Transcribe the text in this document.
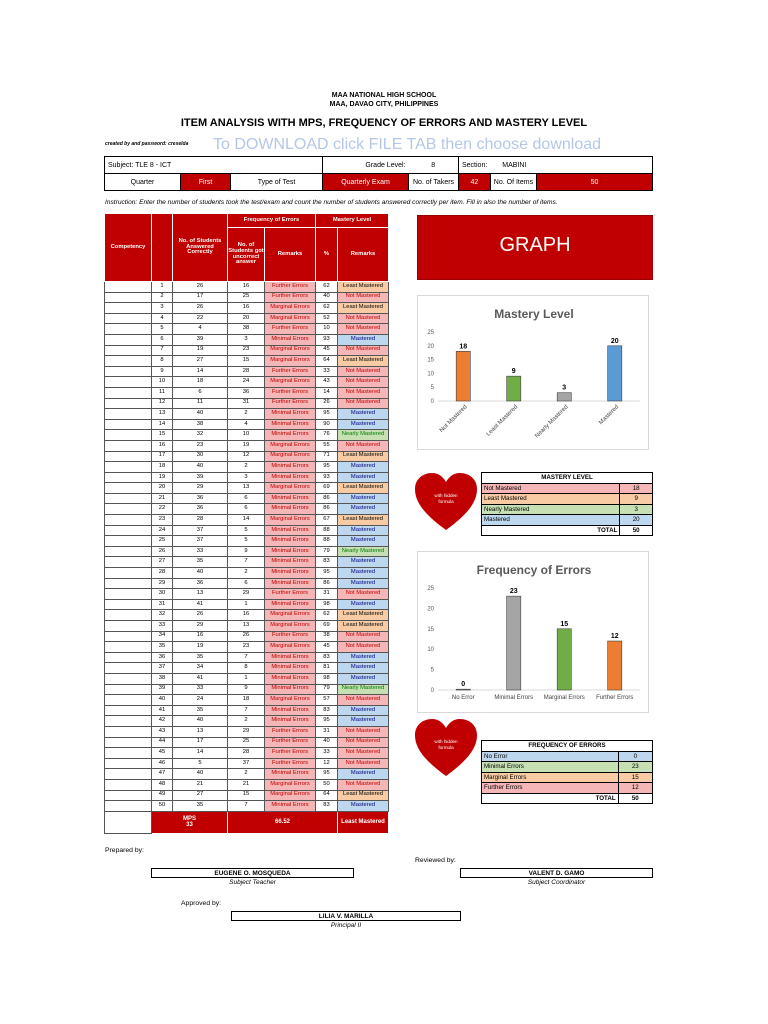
MAA NATIONAL HIGH SCHOOL
MAA, DAVAO CITY, PHILIPPINES
ITEM ANALYSIS WITH MPS, FREQUENCY OF ERRORS AND MASTERY LEVEL
created by and password: creselda To DOWNLOAD click FILE TAB then choose download
Subject: TLE 8 - ICT			Grade Level:	8	Section:	MABINI	
Quarter	First	Type of Test	Quarterly Exam	No. of Takers	42	No. Of Items	50
Instruction: Enter the number of students took the test/exam and count the number of students answered correctly per item. Fill in also the number of items.
Competency		No. of Students Answered Correctly	Frequency of Errors		Mastery Level	
			No. of Students got uncorrect answer	Remarks	%	Remarks
	1	26	16	Further Errors	62	Least Mastered
	2	17	25	Further Errors	40	Not Mastered
	3	26	16	Marginal Errors	62	Least Mastered
	4	22	20	Marginal Errors	52	Not Mastered
	5	4	38	Further Errors	10	Not Mastered
	6	39	3	Minimal Errors	93	Mastered
	7	19	23	Marginal Errors	45	Not Mastered
	8	27	15	Marginal Errors	64	Least Mastered
	9	14	28	Further Errors	33	Not Mastered
	10	18	24	Marginal Errors	43	Not Mastered
	11	6	36	Further Errors	14	Not Mastered
	12	11	31	Further Errors	26	Not Mastered
	13	40	2	Minimal Errors	95	Mastered
	14	38	4	Minimal Errors	90	Mastered
	15	32	10	Minimal Errors	76	Nearly Mastered
	16	23	19	Marginal Errors	55	Not Mastered
	17	30	12	Marginal Errors	71	Least Mastered
	18	40	2	Minimal Errors	95	Mastered
	19	39	3	Minimal Errors	93	Mastered
	20	29	13	Marginal Errors	69	Least Mastered
	21	36	6	Minimal Errors	86	Mastered
	22	36	6	Minimal Errors	86	Mastered
	23	28	14	Marginal Errors	67	Least Mastered
	24	37	5	Minimal Errors	88	Mastered
	25	37	5	Minimal Errors	88	Mastered
	26	33	9	Minimal Errors	79	Nearly Mastered
	27	35	7	Minimal Errors	83	Mastered
	28	40	2	Minimal Errors	95	Mastered
	29	36	6	Minimal Errors	86	Mastered
	30	13	29	Further Errors	31	Not Mastered
	31	41	1	Minimal Errors	98	Mastered
	32	26	16	Marginal Errors	62	Least Mastered
	33	29	13	Marginal Errors	69	Least Mastered
	34	16	26	Further Errors	38	Not Mastered
	35	19	23	Marginal Errors	45	Not Mastered
	36	35	7	Minimal Errors	83	Mastered
	37	34	8	Minimal Errors	81	Mastered
	38	41	1	Minimal Errors	98	Mastered
	39	33	9	Minimal Errors	79	Nearly Mastered
	40	24	18	Marginal Errors	57	Not Mastered
	41	35	7	Minimal Errors	83	Mastered
	42	40	2	Minimal Errors	95	Mastered
	43	13	29	Further Errors	31	Not Mastered
	44	17	25	Further Errors	40	Not Mastered
	45	14	28	Further Errors	33	Not Mastered
	46	5	37	Further Errors	12	Not Mastered
	47	40	2	Minimal Errors	95	Mastered
	48	21	21	Marginal Errors	50	Not Mastered
	49	27	15	Marginal Errors	64	Least Mastered
	50	35	7	Minimal Errors	83	Mastered
	MPS33		66.52			Least Mastered
GRAPH
Mastery Level
0
5
10
15
20
25
18
Not Mastered
9
Least Mastered
3
Nearly Mastered
20
Mastered
with hidden
formula
MASTERY LEVEL	
Not Mastered	18
Least Mastered	9
Nearly Mastered	3
Mastered	20
TOTAL	50
Frequency of Errors
0
5
10
15
20
25
0
No Error
23
Minimal Errors
15
Marginal Errors
12
Further Errors
with hidden
formula	FREQUENCY OF ERRORS	
No Error	0
Minimal Errors	23
Marginal Errors	15
Further Errors	12
TOTAL	50
Prepared by:
EUGENE O. MOSQUEDA
Subject Teacher
Reviewed by:
VALENT D. GAMO
Subject Coordinator
Approved by:
LILIA V. MARILLA
Principal II
